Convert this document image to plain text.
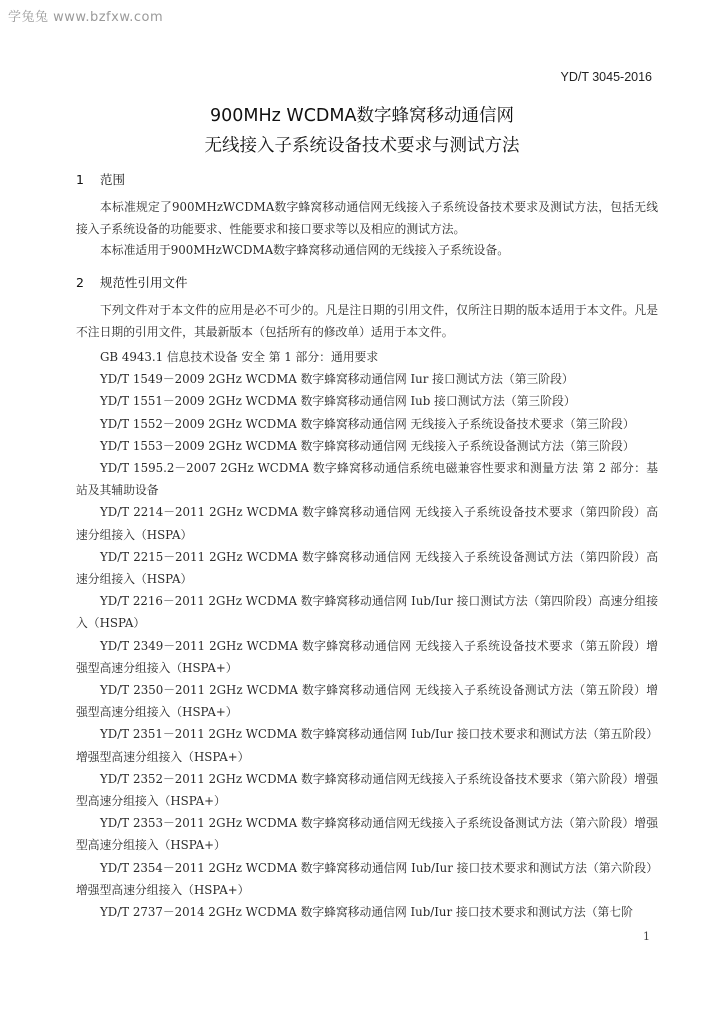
学兔兔 www.bzfxw.com
YD/T 3045-2016
900MHz WCDMA数字蜂窝移动通信网
无线接入子系统设备技术要求与测试方法
1 范围

本标准规定了900MHzWCDMA数字蜂窝移动通信网无线接入子系统设备技术要求及测试方法，包括无线接入子系统设备的功能要求、性能要求和接口要求等以及相应的测试方法。

本标准适用于900MHzWCDMA数字蜂窝移动通信网的无线接入子系统设备。

2 规范性引用文件

下列文件对于本文件的应用是必不可少的。凡是注日期的引用文件，仅所注日期的版本适用于本文件。凡是不注日期的引用文件，其最新版本（包括所有的修改单）适用于本文件。

GB 4943.1 信息技术设备 安全 第 1 部分：通用要求
YD/T 1549－2009 2GHz WCDMA 数字蜂窝移动通信网 Iur 接口测试方法（第三阶段）
YD/T 1551－2009 2GHz WCDMA 数字蜂窝移动通信网 Iub 接口测试方法（第三阶段）
YD/T 1552－2009 2GHz WCDMA 数字蜂窝移动通信网 无线接入子系统设备技术要求（第三阶段）
YD/T 1553－2009 2GHz WCDMA 数字蜂窝移动通信网 无线接入子系统设备测试方法（第三阶段）
YD/T 1595.2－2007 2GHz WCDMA 数字蜂窝移动通信系统电磁兼容性要求和测量方法 第 2 部分：基站及其辅助设备
YD/T 2214－2011 2GHz WCDMA 数字蜂窝移动通信网 无线接入子系统设备技术要求（第四阶段）高速分组接入（HSPA）
YD/T 2215－2011 2GHz WCDMA 数字蜂窝移动通信网 无线接入子系统设备测试方法（第四阶段）高速分组接入（HSPA）
YD/T 2216－2011 2GHz WCDMA 数字蜂窝移动通信网 Iub/Iur 接口测试方法（第四阶段）高速分组接入（HSPA）
YD/T 2349－2011 2GHz WCDMA 数字蜂窝移动通信网 无线接入子系统设备技术要求（第五阶段）增强型高速分组接入（HSPA+）
YD/T 2350－2011 2GHz WCDMA 数字蜂窝移动通信网 无线接入子系统设备测试方法（第五阶段）增强型高速分组接入（HSPA+）
YD/T 2351－2011 2GHz WCDMA 数字蜂窝移动通信网 Iub/Iur 接口技术要求和测试方法（第五阶段）增强型高速分组接入（HSPA+）
YD/T 2352－2011 2GHz WCDMA 数字蜂窝移动通信网无线接入子系统设备技术要求（第六阶段）增强型高速分组接入（HSPA+）
YD/T 2353－2011 2GHz WCDMA 数字蜂窝移动通信网无线接入子系统设备测试方法（第六阶段）增强型高速分组接入（HSPA+）
YD/T 2354－2011 2GHz WCDMA 数字蜂窝移动通信网 Iub/Iur 接口技术要求和测试方法（第六阶段）增强型高速分组接入（HSPA+）
YD/T 2737－2014 2GHz WCDMA 数字蜂窝移动通信网 Iub/Iur 接口技术要求和测试方法（第七阶
1
